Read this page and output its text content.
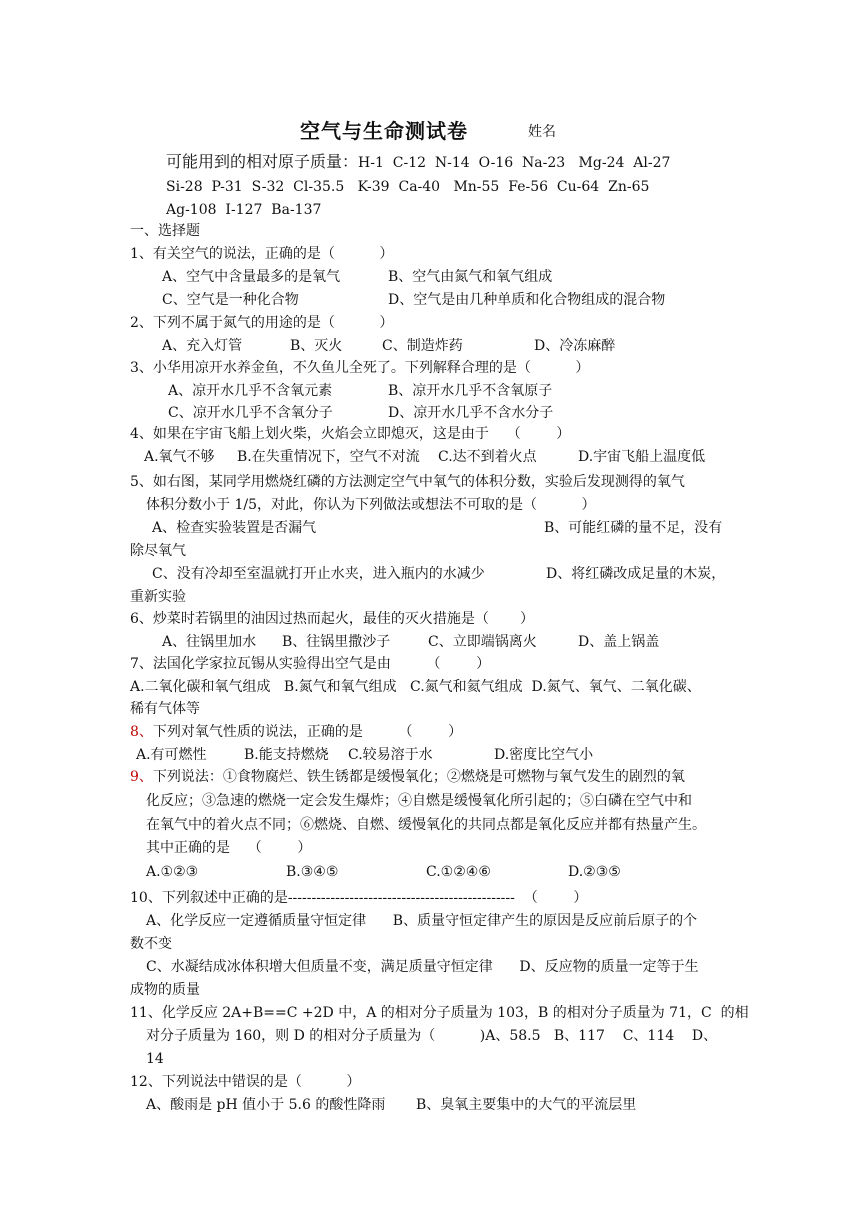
空气与生命测试卷	姓名
可能用到的相对原子质量：H-1  C-12  N-14  O-16  Na-23   Mg-24  Al-27
Si-28  P-31  S-32  Cl-35.5   K-39  Ca-40   Mn-55  Fe-56  Cu-64  Zn-65
Ag-108  I-127  Ba-137
一、选择题
1、有关空气的说法，正确的是（          ）
A、空气中含量最多的是氧气	B、空气由氮气和氧气组成
C、空气是一种化合物	D、空气是由几种单质和化合物组成的混合物
2、下列不属于氮气的用途的是（          ）
A、充入灯管	B、灭火	C、制造炸药	D、冷冻麻醉
3、小华用凉开水养金鱼，不久鱼儿全死了。下列解释合理的是（          ）
A、凉开水几乎不含氧元素	B、凉开水几乎不含氧原子
C、凉开水几乎不含氧分子	D、凉开水几乎不含水分子
4、如果在宇宙飞船上划火柴，火焰会立即熄灭，这是由于    （        ）
A.氧气不够 B.在失重情况下，空气不对流 C.达不到着火点	D.宇宙飞船上温度低
5、如右图，某同学用燃烧红磷的方法测定空气中氧气的体积分数，实验后发现测得的氧气
体积分数小于 1/5，对此，你认为下列做法或想法不可取的是（          ）
A、检查实验装置是否漏气	B、可能红磷的量不足，没有
除尽氧气
C、没有冷却至室温就打开止水夹，进入瓶内的水减少	D、将红磷改成足量的木炭，
重新实验
6、炒菜时若锅里的油因过热而起火，最佳的灭火措施是（       ）
A、往锅里加水 B、往锅里撒沙子	C、立即端锅离火	D、盖上锅盖
7、法国化学家拉瓦锡从实验得出空气是由        （        ）
A.二氧化碳和氧气组成   B.氮气和氧气组成   C.氮气和氦气组成  D.氮气、氧气、二氧化碳、
稀有气体等
8、下列对氧气性质的说法，正确的是        （        ）
A.有可燃性	B.能支持燃烧 C.较易溶于水	D.密度比空气小
9、下列说法：①食物腐烂、铁生锈都是缓慢氧化；②燃烧是可燃物与氧气发生的剧烈的氧
化反应；③急速的燃烧一定会发生爆炸；④自燃是缓慢氧化所引起的；⑤白磷在空气中和
在氧气中的着火点不同；⑥燃烧、自燃、缓慢氧化的共同点都是氧化反应并都有热量产生。
其中正确的是    （        ）
A.①②③	B.③④⑤	C.①②④⑥	D.②③⑤
10、下列叙述中正确的是------------------------------------------------  （        ）
A、化学反应一定遵循质量守恒定律      B、质量守恒定律产生的原因是反应前后原子的个
数不变
C、水凝结成冰体积增大但质量不变，满足质量守恒定律      D、反应物的质量一定等于生
成物的质量
11、化学反应 2A+B==C +2D 中，A 的相对分子质量为 103，B 的相对分子质量为 71，C  的相
对分子质量为 160，则 D 的相对分子质量为（          )A、58.5   B、117    C、114    D、
14
12、下列说法中错误的是（          ）
A、酸雨是 pH 值小于 5.6 的酸性降雨 B、臭氧主要集中的大气的平流层里
